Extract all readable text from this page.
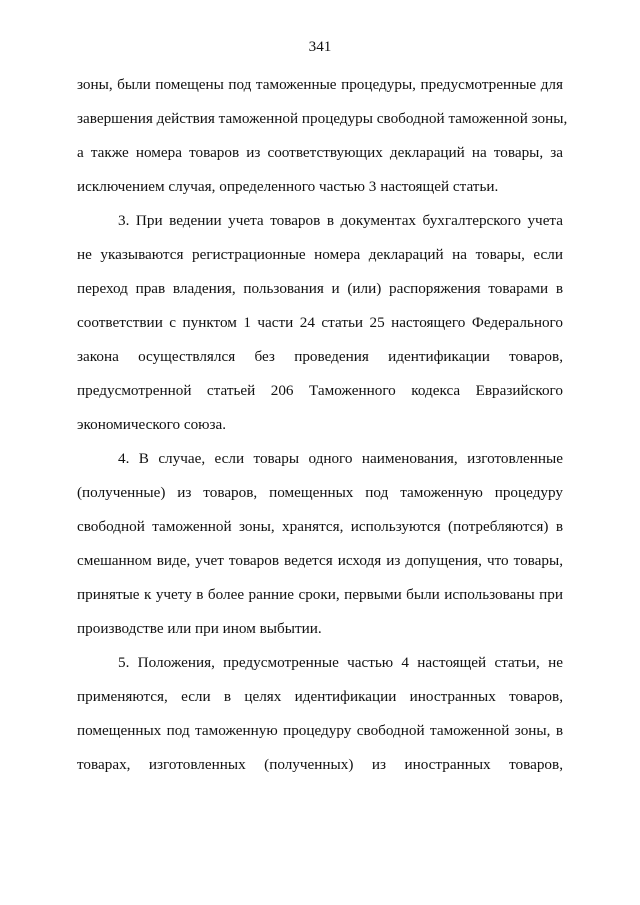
341
зоны, были помещены под таможенные процедуры, предусмотренные для
завершения действия таможенной процедуры свободной таможенной зоны,
а также номера товаров из соответствующих деклараций на товары, за
исключением случая, определенного частью 3 настоящей статьи.
3. При ведении учета товаров в документах бухгалтерского учета
не указываются регистрационные номера деклараций на товары, если
переход прав владения, пользования и (или) распоряжения товарами в
соответствии с пунктом 1 части 24 статьи 25 настоящего Федерального
закона осуществлялся без проведения идентификации товаров,
предусмотренной статьей 206 Таможенного кодекса Евразийского
экономического союза.
4. В случае, если товары одного наименования, изготовленные
(полученные) из товаров, помещенных под таможенную процедуру
свободной таможенной зоны, хранятся, используются (потребляются) в
смешанном виде, учет товаров ведется исходя из допущения, что товары,
принятые к учету в более ранние сроки, первыми были использованы при
производстве или при ином выбытии.
5. Положения, предусмотренные частью 4 настоящей статьи, не
применяются, если в целях идентификации иностранных товаров,
помещенных под таможенную процедуру свободной таможенной зоны, в
товарах, изготовленных (полученных) из иностранных товаров,
